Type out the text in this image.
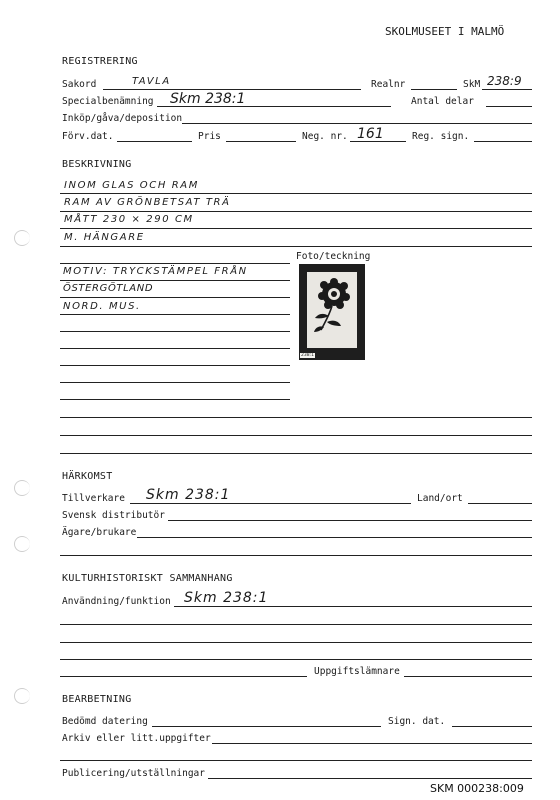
SKOLMUSEET I MALMÖ
REGISTRERING
Sakord	TAVLA	Realnr	SkM 238:9
Specialbenämning Skm 238:1	Antal delar
Inköp/gåva/deposition
Förv.dat.	Pris	Neg. nr. 161	Reg. sign.
BESKRIVNING
INOM GLAS OCH RAM
RAM AV GRÖNBETSAT TRÄ
MÅTT 230 × 290 CM
M. HÄNGARE
Foto/teckning
MOTIV: TRYCKSTÄMPEL FRÅN
ÖSTERGÖTLAND
NORD. MUS.
238:1
HÄRKOMST
Tillverkare Skm 238:1	Land/ort
Svensk distributör
Ägare/brukare
KULTURHISTORISKT SAMMANHANG
Användning/funktion Skm 238:1
Uppgiftslämnare
BEARBETNING
Bedömd datering	Sign. dat.
Arkiv eller litt.uppgifter
Publicering/utställningar
SKM 000238:009
